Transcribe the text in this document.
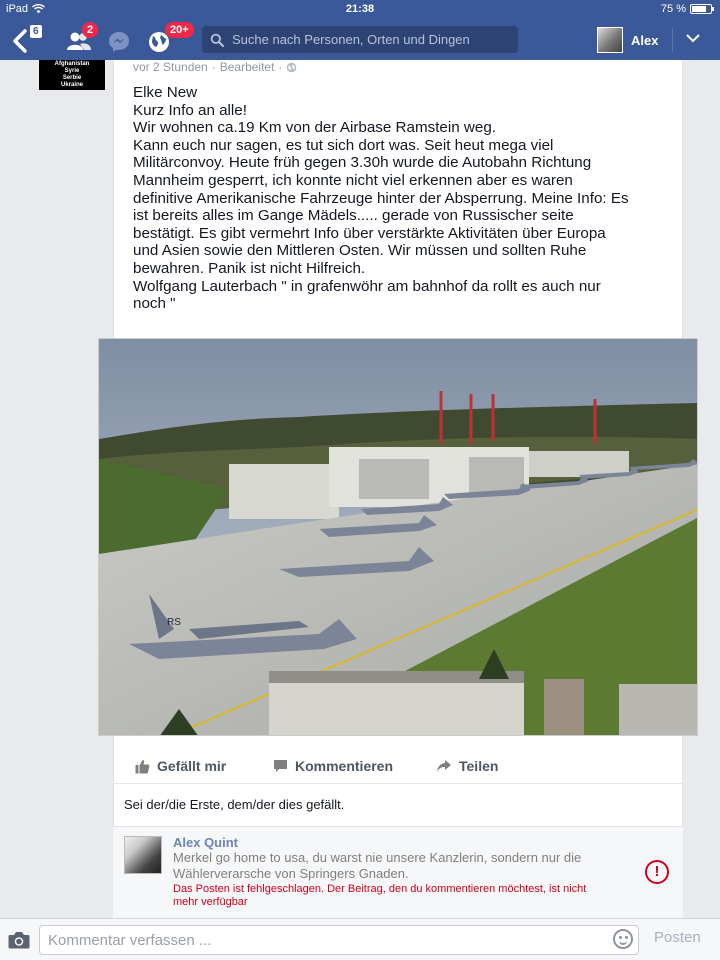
iPad	21:38	75 %
6	2	20+
Suche nach Personen, Orten und Dingen
Alex
Afghanistan
Syrie
Serbie
Ukraine
vor 2 Stunden · Bearbeitet ·
Elke New
Kurz Info an alle!
Wir wohnen ca.19 Km von der Airbase Ramstein weg.
Kann euch nur sagen, es tut sich dort was. Seit heut mega viel
Militärconvoy. Heute früh gegen 3.30h wurde die Autobahn Richtung
Mannheim gesperrt, ich konnte nicht viel erkennen aber es waren
definitive Amerikanische Fahrzeuge hinter der Absperrung. Meine Info: Es
ist bereits alles im Gange Mädels..... gerade von Russischer seite
bestätigt. Es gibt vermehrt Info über verstärkte Aktivitäten über Europa
und Asien sowie den Mittleren Osten. Wir müssen und sollten Ruhe
bewahren. Panik ist nicht Hilfreich.
Wolfgang Lauterbach " in grafenwöhr am bahnhof da rollt es auch nur
noch "
RS
Gefällt mir	Kommentieren	Teilen
Sei der/die Erste, dem/der dies gefällt.
Alex Quint
Merkel go home to usa, du warst nie unsere Kanzlerin, sondern nur die
Wählerverarsche von Springers Gnaden.
Das Posten ist fehlgeschlagen. Der Beitrag, den du kommentieren möchtest, ist nicht
mehr verfügbar
!
Kommentar verfassen ...
Posten
